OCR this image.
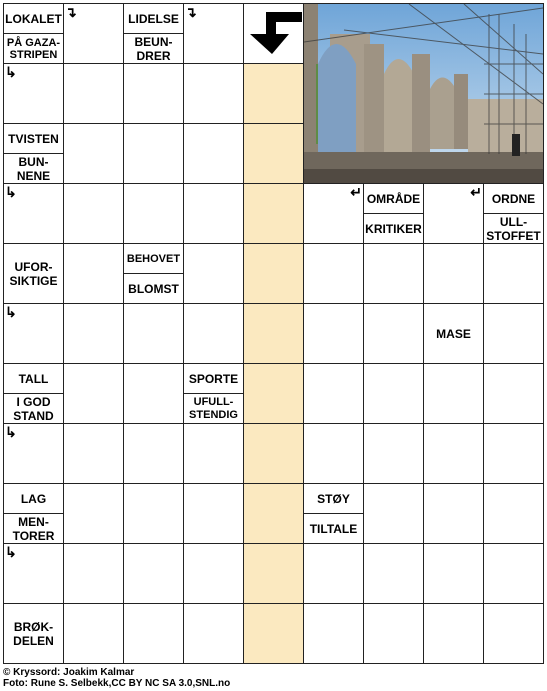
LOKALET
PÅ GAZA-
STRIPEN
↴	LIDELSE
BEUN-
DRER
↴
↳
TVISTEN
BUN-
NENE
↳	↵ OMRÅDE
KRITIKER
↵ ORDNE
ULL-
STOFFET
UFOR-
SIKTIGE
BEHOVET
BLOMST
↳
MASE
TALL
I GOD
STAND
SPORTE
UFULL-
STENDIG
↳
LAG
MEN-
TORER
STØY
TILTALE
↳
BRØK-
DELEN
© Kryssord: Joakim Kalmar
Foto: Rune S. Selbekk,CC BY NC SA 3.0,SNL.no
